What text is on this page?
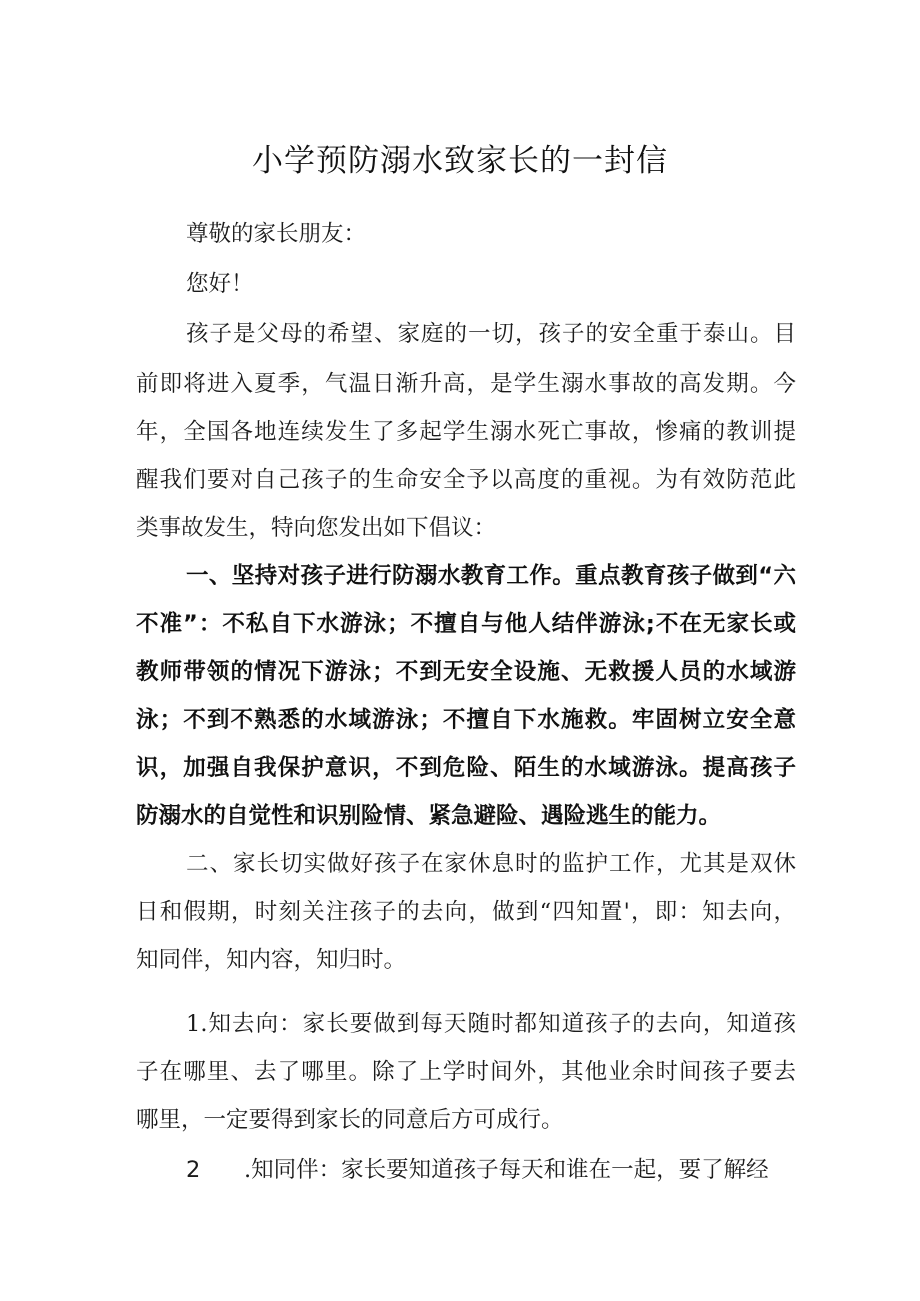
小学预防溺水致家长的一封信
尊敬的家长朋友：
您好！
孩子是父母的希望、家庭的一切，孩子的安全重于泰山。目
前即将进入夏季，气温日渐升高，是学生溺水事故的高发期。今
年，全国各地连续发生了多起学生溺水死亡事故，惨痛的教训提
醒我们要对自己孩子的生命安全予以高度的重视。为有效防范此
类事故发生，特向您发出如下倡议：
一、坚持对孩子进行防溺水教育工作。重点教育孩子做到“六
不准”：不私自下水游泳；不擅自与他人结伴游泳;不在无家长或
教师带领的情况下游泳；不到无安全设施、无救援人员的水域游
泳；不到不熟悉的水域游泳；不擅自下水施救。牢固树立安全意
识，加强自我保护意识，不到危险、陌生的水域游泳。提高孩子
防溺水的自觉性和识别险情、紧急避险、遇险逃生的能力。
二、家长切实做好孩子在家休息时的监护工作，尤其是双休
日和假期，时刻关注孩子的去向，做到“四知置'，即：知去向，
知同伴，知内容，知归时。
1.知去向：家长要做到每天随时都知道孩子的去向，知道孩
子在哪里、去了哪里。除了上学时间外，其他业余时间孩子要去
哪里，一定要得到家长的同意后方可成行。
2 .知同伴：家长要知道孩子每天和谁在一起，要了解经
